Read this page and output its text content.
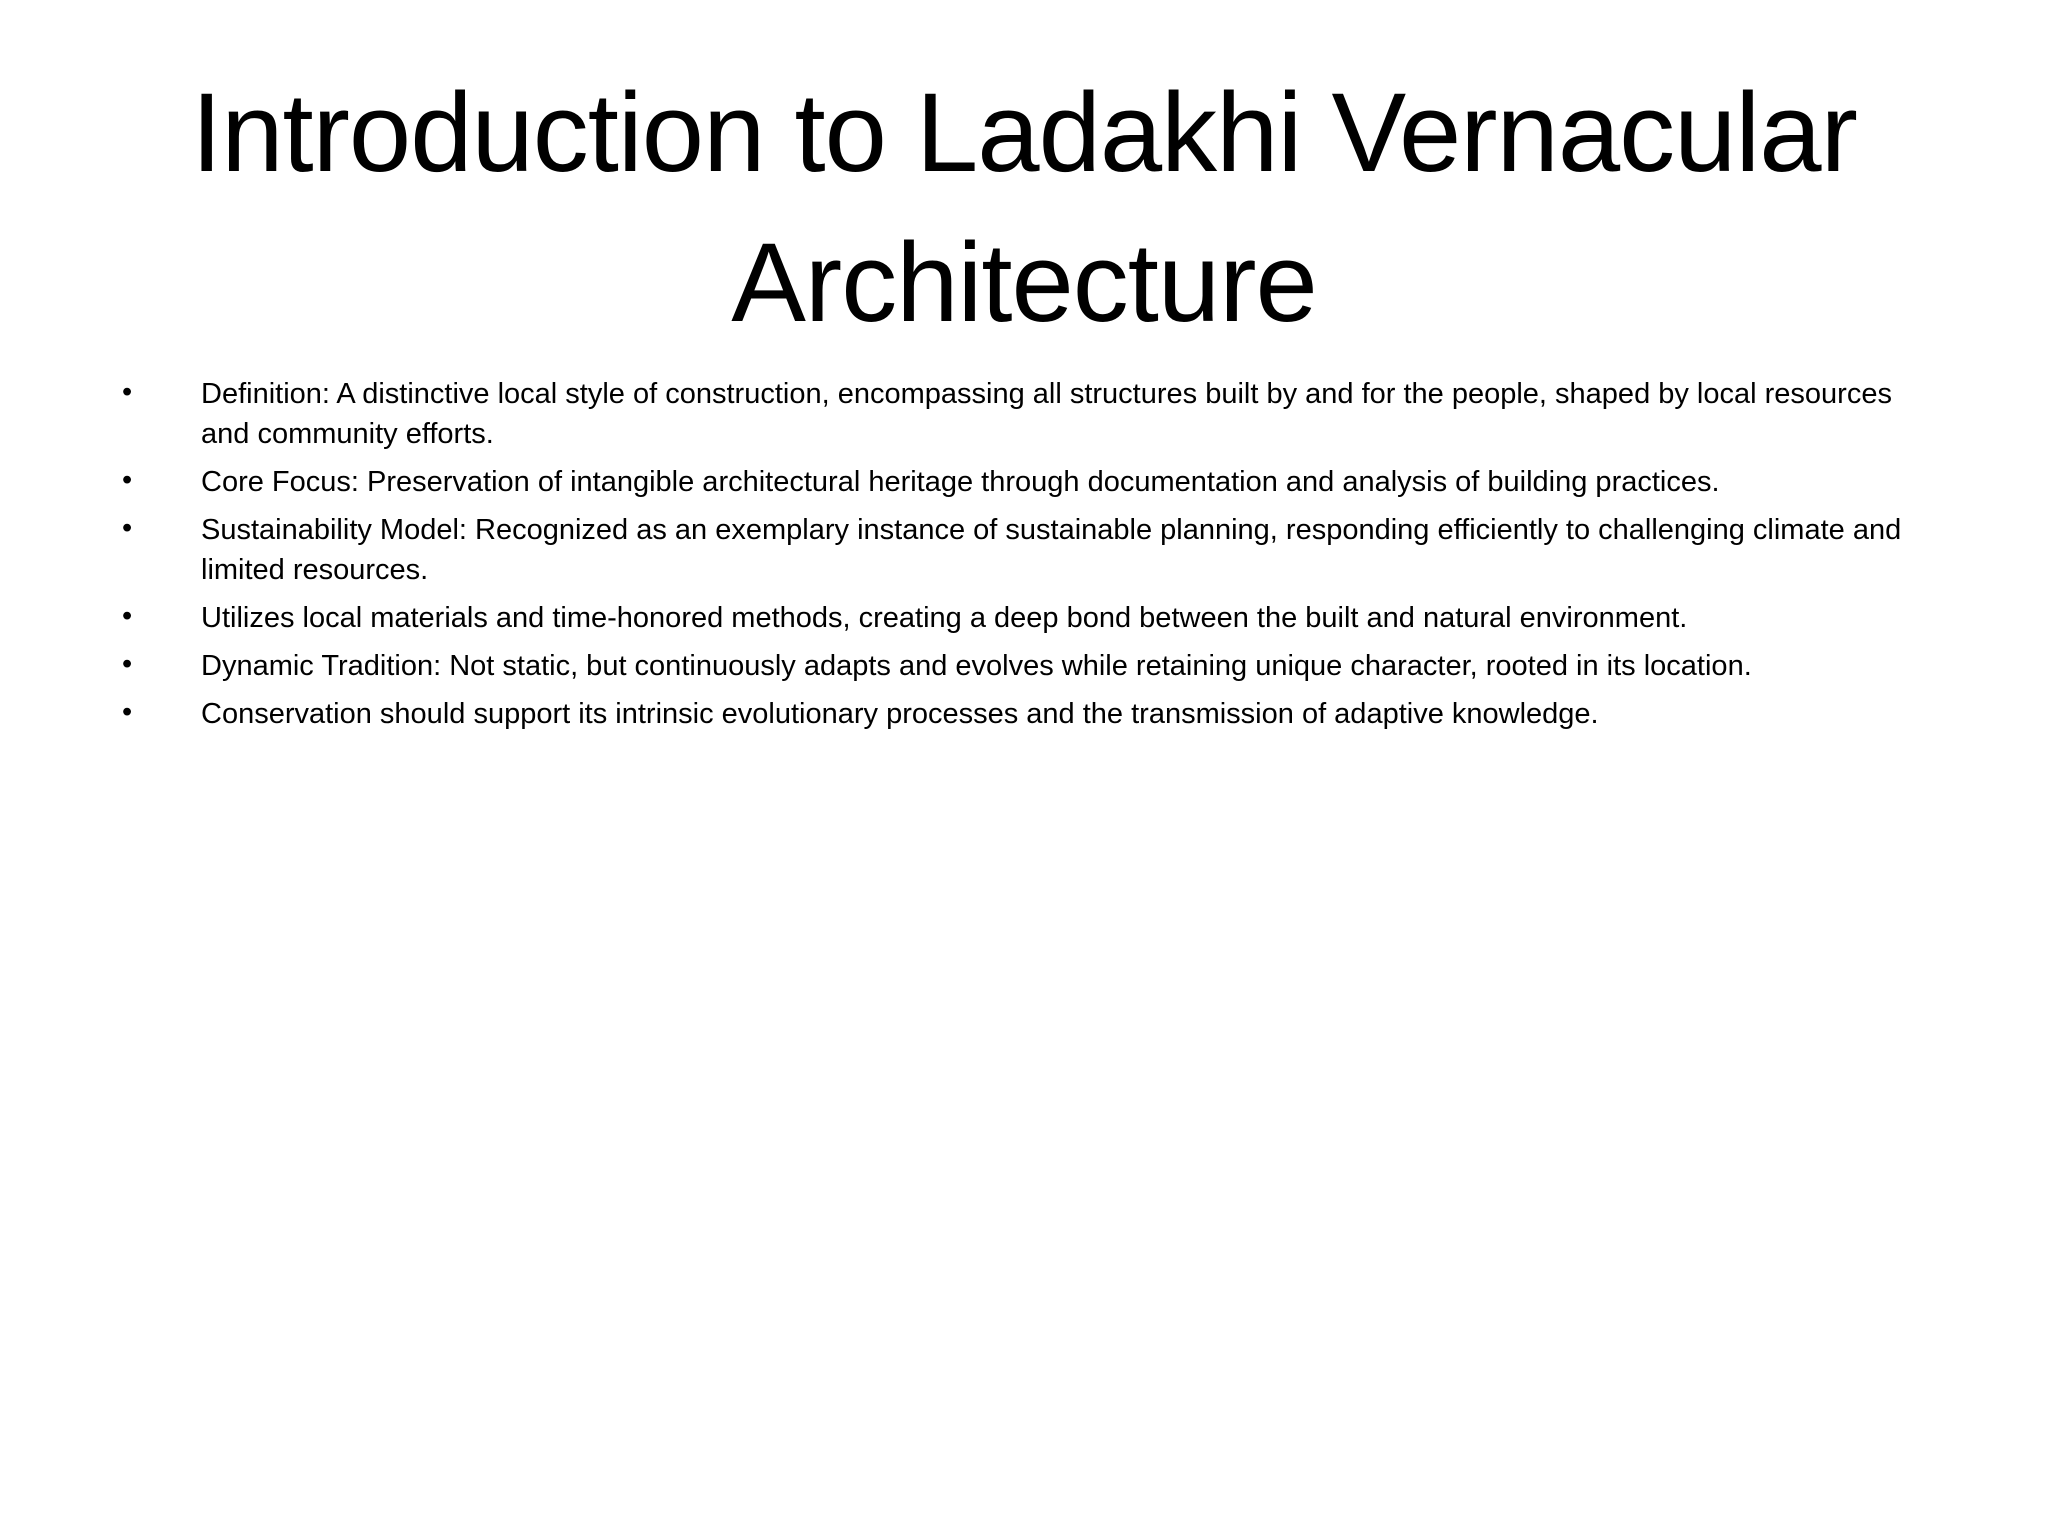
Introduction to Ladakhi Vernacular Architecture
•	Definition: A distinctive local style of construction, encompassing all structures built by and for the people, shaped by local resources and community efforts.
•	Core Focus: Preservation of intangible architectural heritage through documentation and analysis of building practices.
•	Sustainability Model: Recognized as an exemplary instance of sustainable planning, responding efficiently to challenging climate and limited resources.
•	Utilizes local materials and time-honored methods, creating a deep bond between the built and natural environment.
•	Dynamic Tradition: Not static, but continuously adapts and evolves while retaining unique character, rooted in its location.
•	Conservation should support its intrinsic evolutionary processes and the transmission of adaptive knowledge.
